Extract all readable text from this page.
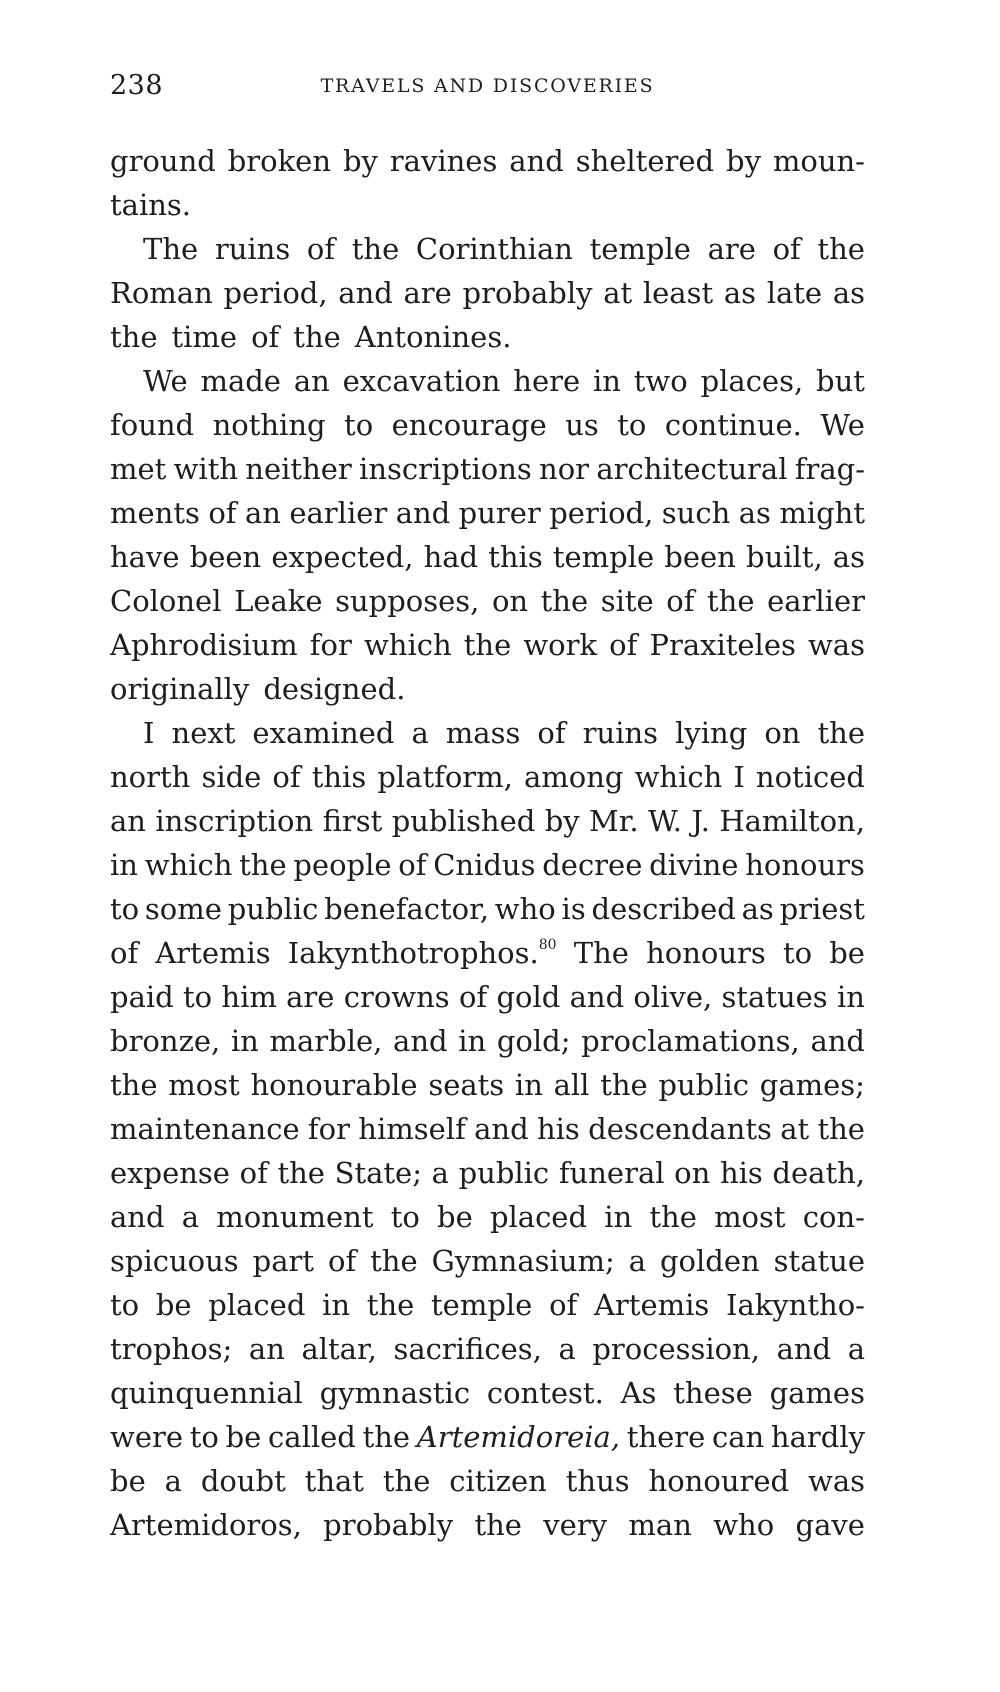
238	TRAVELS AND DISCOVERIES
ground broken by ravines and sheltered by moun-
tains.
The ruins of the Corinthian temple are of the
Roman period, and are probably at least as late as
the time of the Antonines.
We made an excavation here in two places, but
found nothing to encourage us to continue. We
met with neither inscriptions nor architectural frag-
ments of an earlier and purer period, such as might
have been expected, had this temple been built, as
Colonel Leake supposes, on the site of the earlier
Aphrodisium for which the work of Praxiteles was
originally designed.
I next examined a mass of ruins lying on the
north side of this platform, among which I noticed
an inscription first published by Mr. W. J. Hamilton,
in which the people of Cnidus decree divine honours
to some public benefactor, who is described as priest
of Artemis Iakynthotrophos.$^{80}$ The honours to be
paid to him are crowns of gold and olive, statues in
bronze, in marble, and in gold; proclamations, and
the most honourable seats in all the public games;
maintenance for himself and his descendants at the
expense of the State; a public funeral on his death,
and a monument to be placed in the most con-
spicuous part of the Gymnasium; a golden statue
to be placed in the temple of Artemis Iakyntho-
trophos; an altar, sacrifices, a procession, and a
quinquennial gymnastic contest. As these games
were to be called the Artemidoreia, there can hardly
be a doubt that the citizen thus honoured was
Artemidoros, probably the very man who gave
